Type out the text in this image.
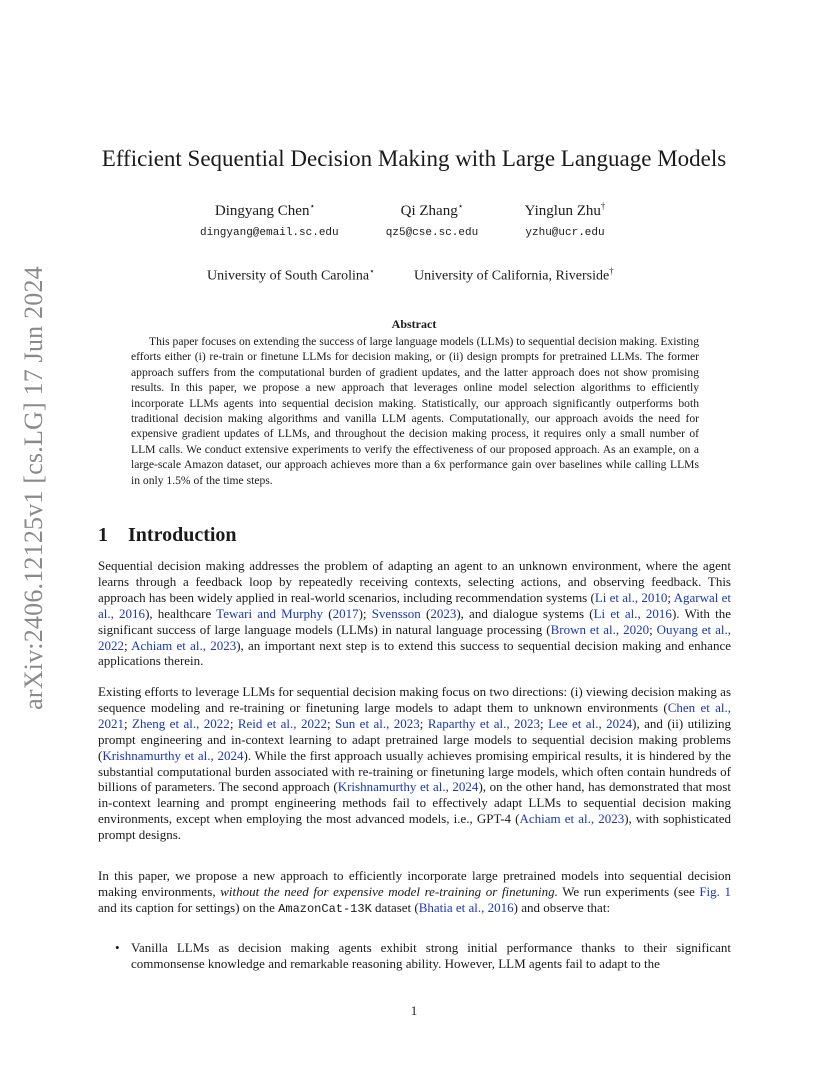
arXiv:2406.12125v1 [cs.LG] 17 Jun 2024
Efficient Sequential Decision Making with Large Language Models
Dingyang Chen⋆
dingyang@email.sc.edu
Qi Zhang⋆
qz5@cse.sc.edu
Yinglun Zhu†
yzhu@ucr.edu
University of South Carolina⋆	University of California, Riverside†
Abstract

This paper focuses on extending the success of large language models (LLMs) to sequential decision making. Existing efforts either (i) re-train or finetune LLMs for decision making, or (ii) design prompts for pretrained LLMs. The former approach suffers from the computational burden of gradient updates, and the latter approach does not show promising results. In this paper, we propose a new approach that leverages online model selection algorithms to efficiently incorporate LLMs agents into sequential decision making. Statistically, our approach significantly outperforms both traditional decision making algorithms and vanilla LLM agents. Computationally, our approach avoids the need for expensive gradient updates of LLMs, and throughout the decision making process, it requires only a small number of LLM calls. We conduct extensive experiments to verify the effectiveness of our proposed approach. As an example, on a large-scale Amazon dataset, our approach achieves more than a 6x performance gain over baselines while calling LLMs in only 1.5% of the time steps.

1 Introduction

Sequential decision making addresses the problem of adapting an agent to an unknown environment, where the agent learns through a feedback loop by repeatedly receiving contexts, selecting actions, and observing feedback. This approach has been widely applied in real-world scenarios, including recommendation systems (Li et al., 2010; Agarwal et al., 2016), healthcare Tewari and Murphy (2017); Svensson (2023), and dialogue systems (Li et al., 2016). With the significant success of large language models (LLMs) in natural language processing (Brown et al., 2020; Ouyang et al., 2022; Achiam et al., 2023), an important next step is to extend this success to sequential decision making and enhance applications therein.

Existing efforts to leverage LLMs for sequential decision making focus on two directions: (i) viewing decision making as sequence modeling and re-training or finetuning large models to adapt them to unknown environments (Chen et al., 2021; Zheng et al., 2022; Reid et al., 2022; Sun et al., 2023; Raparthy et al., 2023; Lee et al., 2024), and (ii) utilizing prompt engineering and in-context learning to adapt pretrained large models to sequential decision making problems (Krishnamurthy et al., 2024). While the first approach usually achieves promising empirical results, it is hindered by the substantial computational burden associated with re-training or finetuning large models, which often contain hundreds of billions of parameters. The second approach (Krishnamurthy et al., 2024), on the other hand, has demonstrated that most in-context learning and prompt engineering methods fail to effectively adapt LLMs to sequential decision making environments, except when employing the most advanced models, i.e., GPT-4 (Achiam et al., 2023), with sophisticated prompt designs.

In this paper, we propose a new approach to efficiently incorporate large pretrained models into sequential decision making environments, without the need for expensive model re-training or finetuning. We run experiments (see Fig. 1 and its caption for settings) on the AmazonCat-13K dataset (Bhatia et al., 2016) and observe that:

• Vanilla LLMs as decision making agents exhibit strong initial performance thanks to their significant commonsense knowledge and remarkable reasoning ability. However, LLM agents fail to adapt to the
1
